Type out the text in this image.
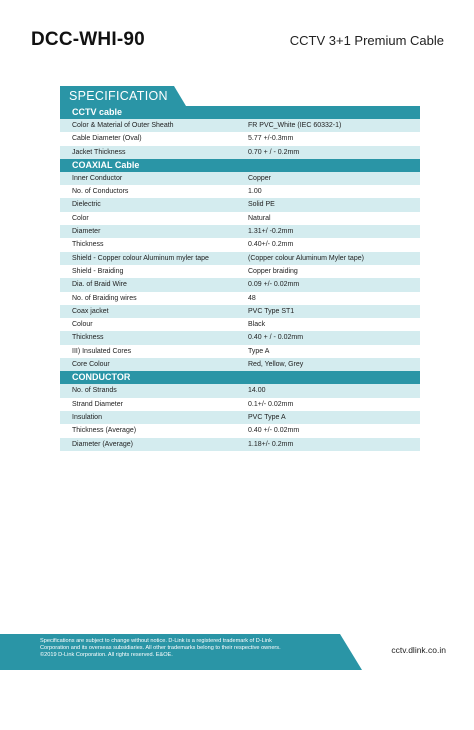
DCC-WHI-90	CCTV 3+1 Premium Cable
SPECIFICATION
CCTV cable
Color & Material of Outer Sheath	FR PVC_White (IEC 60332-1)
Cable Diameter (Oval)	5.77 +/-0.3mm
Jacket Thickness	0.70 + / - 0.2mm
COAXIAL Cable
Inner Conductor	Copper
No. of Conductors	1.00
Dielectric	Solid PE
Color	Natural
Diameter	1.31+/ -0.2mm
Thickness	0.40+/- 0.2mm
Shield - Copper colour Aluminum myler tape	(Copper colour Aluminum Myler tape)
Shield - Braiding	Copper braiding
Dia. of Braid Wire	0.09 +/- 0.02mm
No. of Braiding wires	48
Coax jacket	PVC Type ST1
Colour	Black
Thickness	0.40 + / - 0.02mm
III) Insulated Cores	Type A
Core Colour	Red, Yellow, Grey
CONDUCTOR
No. of Strands	14.00
Strand Diameter	0.1+/- 0.02mm
Insulation	PVC Type A
Thickness (Average)	0.40 +/- 0.02mm
Diameter (Average)	1.18+/- 0.2mm
Specifications are subject to change without notice. D-Link is a registered trademark of D-Link
Corporation and its overseas subsidiaries. All other trademarks belong to their respective owners.
©2019 D-Link Corporation. All rights reserved. E&OE.	cctv.dlink.co.in
